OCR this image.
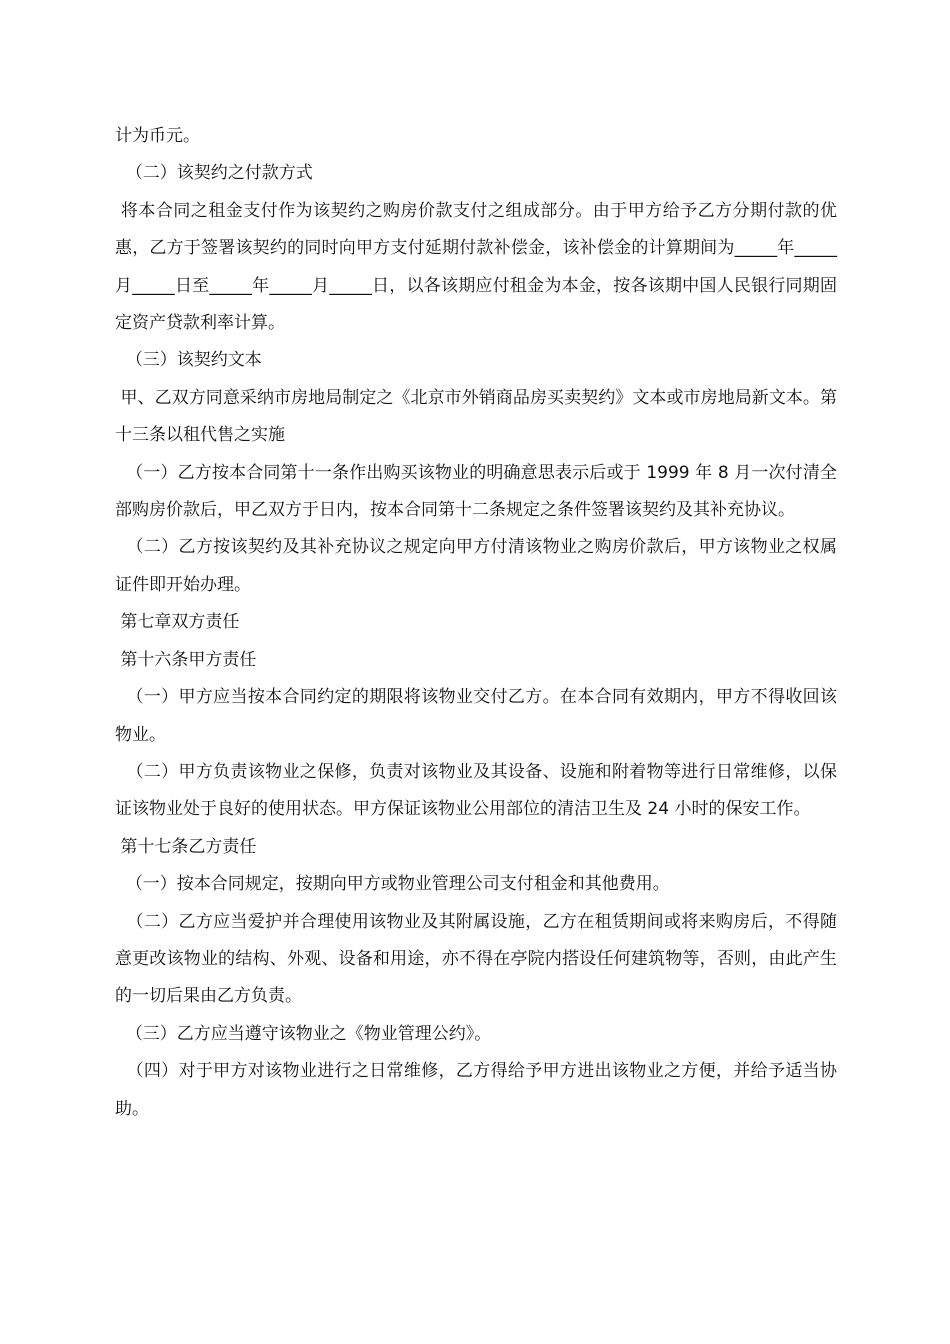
计为币元。

（二）该契约之付款方式

将本合同之租金支付作为该契约之购房价款支付之组成部分。由于甲方给予乙方分期付款的优惠，乙方于签署该契约的同时向甲方支付延期付款补偿金，该补偿金的计算期间为_____年_____月_____日至_____年_____月_____日，以各该期应付租金为本金，按各该期中国人民银行同期固定资产贷款利率计算。

（三）该契约文本

甲、乙双方同意采纳市房地局制定之《北京市外销商品房买卖契约》文本或市房地局新文本。第十三条以租代售之实施

（一）乙方按本合同第十一条作出购买该物业的明确意思表示后或于 1999 年 8 月一次付清全部购房价款后，甲乙双方于日内，按本合同第十二条规定之条件签署该契约及其补充协议。

（二）乙方按该契约及其补充协议之规定向甲方付清该物业之购房价款后，甲方该物业之权属证件即开始办理。

第七章双方责任

第十六条甲方责任

（一）甲方应当按本合同约定的期限将该物业交付乙方。在本合同有效期内，甲方不得收回该物业。

（二）甲方负责该物业之保修，负责对该物业及其设备、设施和附着物等进行日常维修，以保证该物业处于良好的使用状态。甲方保证该物业公用部位的清洁卫生及 24 小时的保安工作。

第十七条乙方责任

（一）按本合同规定，按期向甲方或物业管理公司支付租金和其他费用。

（二）乙方应当爱护并合理使用该物业及其附属设施，乙方在租赁期间或将来购房后，不得随意更改该物业的结构、外观、设备和用途，亦不得在亭院内搭设任何建筑物等，否则，由此产生的一切后果由乙方负责。

（三）乙方应当遵守该物业之《物业管理公约》。

（四）对于甲方对该物业进行之日常维修，乙方得给予甲方进出该物业之方便，并给予适当协助。
